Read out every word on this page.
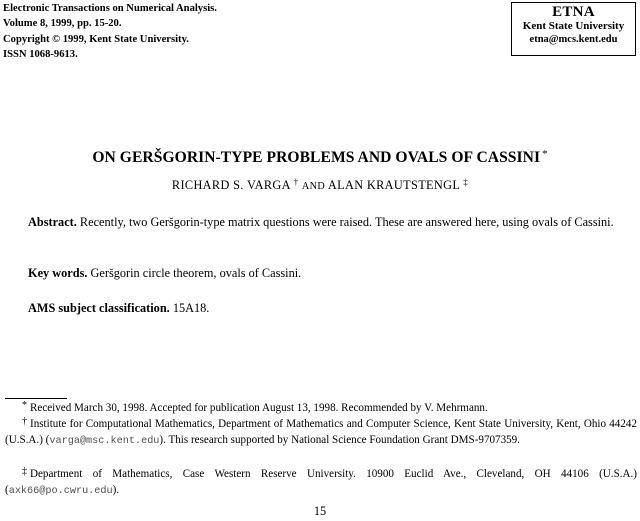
Electronic Transactions on Numerical Analysis.
Volume 8, 1999, pp. 15-20.
Copyright © 1999, Kent State University.
ISSN 1068-9613.
ETNA
Kent State University
etna@mcs.kent.edu
ON GERŠGORIN-TYPE PROBLEMS AND OVALS OF CASSINI *
RICHARD S. VARGA † AND ALAN KRAUTSTENGL ‡
Abstract. Recently, two Geršgorin-type matrix questions were raised. These are answered here, using ovals of Cassini.
Key words. Geršgorin circle theorem, ovals of Cassini.
AMS subject classification. 15A18.
* Received March 30, 1998. Accepted for publication August 13, 1998. Recommended by V. Mehrmann.
† Institute for Computational Mathematics, Department of Mathematics and Computer Science, Kent State University, Kent, Ohio 44242 (U.S.A.) (varga@msc.kent.edu). This research supported by National Science Foundation Grant DMS-9707359.
‡ Department of Mathematics, Case Western Reserve University. 10900 Euclid Ave., Cleveland, OH 44106 (U.S.A.) (axk66@po.cwru.edu).
15
